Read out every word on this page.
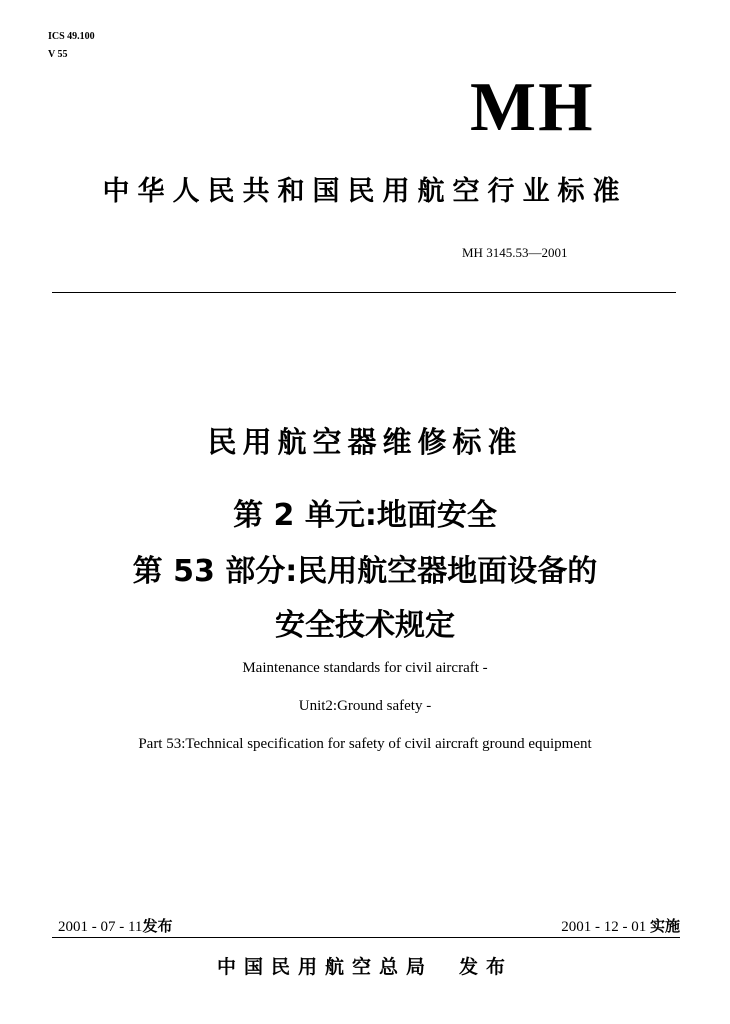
ICS 49.100
V 55
MH
中华人民共和国民用航空行业标准
MH 3145.53—2001
民用航空器维修标准
第 2 单元:地面安全
第 53 部分:民用航空器地面设备的
安全技术规定
Maintenance standards for civil aircraft -
Unit2:Ground safety -
Part 53:Technical specification for safety of civil aircraft ground equipment
2001 - 07 - 11发布	2001 - 12 - 01 实施
中国民用航空总局 发布
